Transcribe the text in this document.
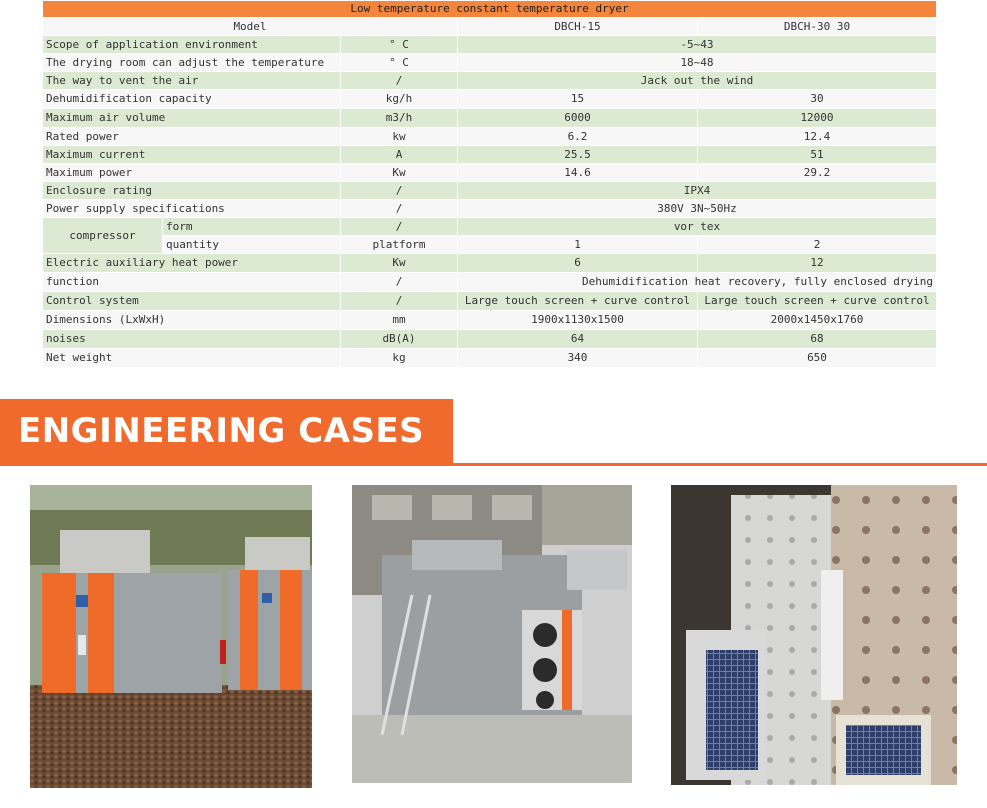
Low temperature constant temperature dryer				
Model			DBCH-15	DBCH-30 30
Scope of application environment		° C	-5~43	
The drying room can adjust the temperature		° C	18~48	
The way to vent the air		/	Jack out the wind	
Dehumidification capacity		kg/h	15	30
Maximum air volume		m3/h	6000	12000
Rated power		kw	6.2	12.4
Maximum current		A	25.5	51
Maximum power		Kw	14.6	29.2
Enclosure rating		/	IPX4	
Power supply specifications		/	380V 3N~50Hz	
compressor	form	/	vor tex	
	quantity	platform	1	2
Electric auxiliary heat power		Kw	6	12
function		/	Dehumidification heat recovery, fully enclosed drying	
Control system		/	Large touch screen + curve control	Large touch screen + curve control
Dimensions (LxWxH)		mm	1900x1130x1500	2000x1450x1760
noises		dB(A)	64	68
Net weight		kg	340	650
ENGINEERING CASES
